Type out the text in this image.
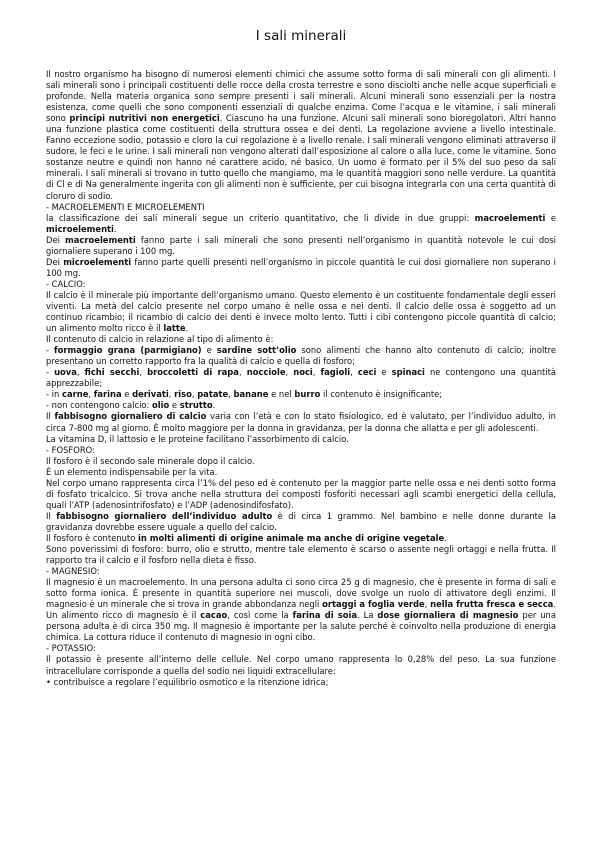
I sali minerali

Il nostro organismo ha bisogno di numerosi elementi chimici che assume sotto forma di sali minerali con gli alimenti. I sali minerali sono i principali costituenti delle rocce della crosta terrestre e sono disciolti anche nelle acque superficiali e profonde. Nella materia organica sono sempre presenti i sali minerali. Alcuni minerali sono essenziali per la nostra esistenza, come quelli che sono componenti essenziali di qualche enzima. Come l’acqua e le vitamine, i sali minerali sono principi nutritivi non energetici. Ciascuno ha una funzione. Alcuni sali minerali sono bioregolatori. Altri hanno una funzione plastica come costituenti della struttura ossea e dei denti. La regolazione avviene a livello intestinale. Fanno eccezione sodio, potassio e cloro la cui regolazione è a livello renale. I sali minerali vengono eliminati attraverso il sudore, le feci e le urine. I sali minerali non vengono alterati dall’esposizione al calore o alla luce, come le vitamine. Sono sostanze neutre e quindi non hanno né carattere acido, né basico. Un uomo è formato per il 5% del suo peso da sali minerali. I sali minerali si trovano in tutto quello che mangiamo, ma le quantità maggiori sono nelle verdure. La quantità di Cl e di Na generalmente ingerita con gli alimenti non è sufficiente, per cui bisogna integrarla con una certa quantità di cloruro di sodio.

- MACROELEMENTI E MICROELEMENTI

la classificazione dei sali minerali segue un criterio quantitativo, che li divide in due gruppi: macroelementi e microelementi.

Dei macroelementi fanno parte i sali minerali che sono presenti nell’organismo in quantità notevole le cui dosi giornaliere superano i 100 mg.

Dei microelementi fanno parte quelli presenti nell’organismo in piccole quantità le cui dosi giornaliere non superano i 100 mg.

- CALCIO:

Il calcio è il minerale più importante dell’organismo umano. Questo elemento è un costituente fondamentale degli esseri viventi. La metà del calcio presente nel corpo umano è nelle ossa e nei denti. Il calcio delle ossa è soggetto ad un continuo ricambio; il ricambio di calcio dei denti è invece molto lento. Tutti i cibi contengono piccole quantità di calcio; un alimento molto ricco è il latte.

Il contenuto di calcio in relazione al tipo di alimento è:

- formaggio grana (parmigiano) e sardine sott’olio sono alimenti che hanno alto contenuto di calcio; inoltre presentano un corretto rapporto fra la qualità di calcio e quella di fosforo;

- uova, fichi secchi, broccoletti di rapa, nocciole, noci, fagioli, ceci e spinaci ne contengono una quantità apprezzabile;

- in carne, farina e derivati, riso, patate, banane e nel burro il contenuto è insignificante;

- non contengono calcio: olio e strutto.

Il fabbisogno giornaliero di calcio varia con l’età e con lo stato fisiologico, ed è valutato, per l’individuo adulto, in circa 7-800 mg al giorno. È molto maggiore per la donna in gravidanza, per la donna che allatta e per gli adolescenti.

La vitamina D, il lattosio e le proteine facilitano l’assorbimento di calcio.

- FOSFORO:

Il fosforo è il secondo sale minerale dopo il calcio.

È un elemento indispensabile per la vita.

Nel corpo umano rappresenta circa l’1% del peso ed è contenuto per la maggior parte nelle ossa e nei denti sotto forma di fosfato tricalcico. Si trova anche nella struttura dei composti fosforiti necessari agli scambi energetici della cellula, quali l’ATP (adenosintrifosfato) e l’ADP (adenosindifosfato).

Il fabbisogno giornaliero dell’individuo adulto è di circa 1 grammo. Nel bambino e nelle donne durante la gravidanza dovrebbe essere uguale a quello del calcio.

Il fosforo è contenuto in molti alimenti di origine animale ma anche di origine vegetale.

Sono poverissimi di fosforo: burro, olio e strutto, mentre tale elemento è scarso o assente negli ortaggi e nella frutta. Il rapporto tra il calcio e il fosforo nella dieta è fisso.

- MAGNESIO:

Il magnesio è un macroelemento. In una persona adulta ci sono circa 25 g di magnesio, che è presente in forma di sali e sotto forma ionica. È presente in quantità superiore nei muscoli, dove svolge un ruolo di attivatore degli enzimi. Il magnesio è un minerale che si trova in grande abbondanza negli ortaggi a foglia verde, nella frutta fresca e secca. Un alimento ricco di magnesio è il cacao, così come la farina di soia. La dose giornaliera di magnesio per una persona adulta è di circa 350 mg. Il magnesio è importante per la salute perché è coinvolto nella produzione di energia chimica. La cottura riduce il contenuto di magnesio in ogni cibo.

- POTASSIO:

Il potassio è presente all’interno delle cellule. Nel corpo umano rappresenta lo 0,28% del peso. La sua funzione intracellulare corrisponde a quella del sodio nei liquidi extracellulare:

• contribuisce a regolare l’equilibrio osmotico e la ritenzione idrica;
